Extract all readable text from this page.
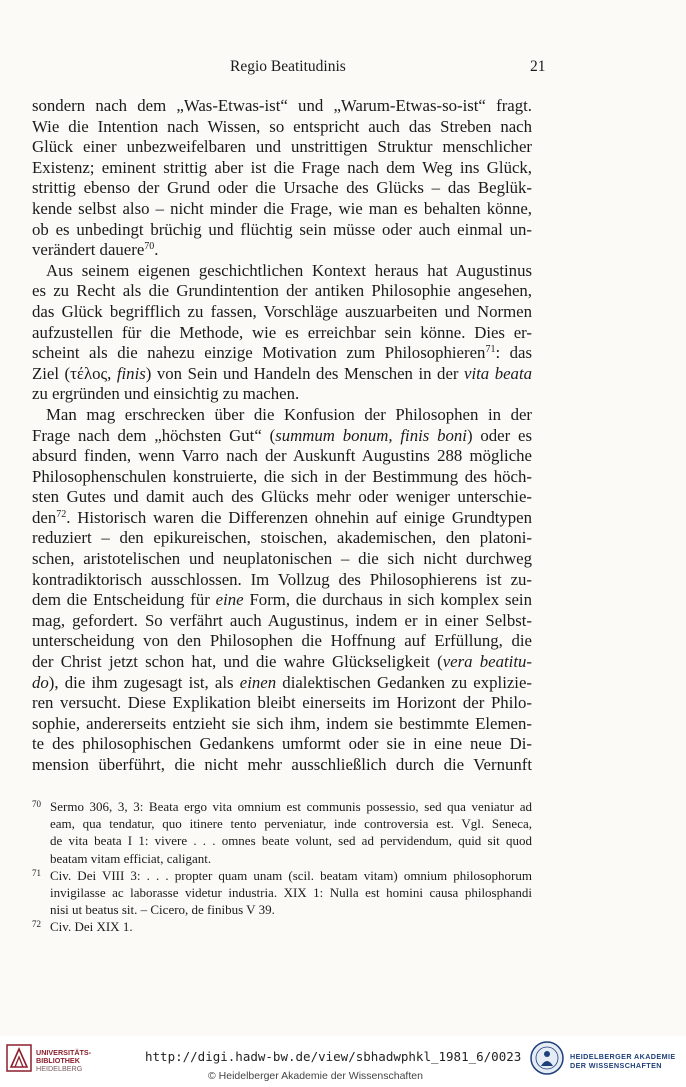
Regio Beatitudinis	21
sondern nach dem „Was-Etwas-ist“ und „Warum-Etwas-so-ist“ fragt.
Wie die Intention nach Wissen, so entspricht auch das Streben nach
Glück einer unbezweifelbaren und unstrittigen Struktur menschlicher
Existenz; eminent strittig aber ist die Frage nach dem Weg ins Glück,
strittig ebenso der Grund oder die Ursache des Glücks – das Beglük-
kende selbst also – nicht minder die Frage, wie man es behalten könne,
ob es unbedingt brüchig und flüchtig sein müsse oder auch einmal un-
verändert dauere$^{70}$.
Aus seinem eigenen geschichtlichen Kontext heraus hat Augustinus
es zu Recht als die Grundintention der antiken Philosophie angesehen,
das Glück begrifflich zu fassen, Vorschläge auszuarbeiten und Normen
aufzustellen für die Methode, wie es erreichbar sein könne. Dies er-
scheint als die nahezu einzige Motivation zum Philosophieren$^{71}$: das
Ziel (τέλος, finis) von Sein und Handeln des Menschen in der vita beata
zu ergründen und einsichtig zu machen.
Man mag erschrecken über die Konfusion der Philosophen in der
Frage nach dem „höchsten Gut“ (summum bonum, finis boni) oder es
absurd finden, wenn Varro nach der Auskunft Augustins 288 mögliche
Philosophenschulen konstruierte, die sich in der Bestimmung des höch-
sten Gutes und damit auch des Glücks mehr oder weniger unterschie-
den$^{72}$. Historisch waren die Differenzen ohnehin auf einige Grundtypen
reduziert – den epikureischen, stoischen, akademischen, den platoni-
schen, aristotelischen und neuplatonischen – die sich nicht durchweg
kontradiktorisch ausschlossen. Im Vollzug des Philosophierens ist zu-
dem die Entscheidung für eine Form, die durchaus in sich komplex sein
mag, gefordert. So verfährt auch Augustinus, indem er in einer Selbst-
unterscheidung von den Philosophen die Hoffnung auf Erfüllung, die
der Christ jetzt schon hat, und die wahre Glückseligkeit (vera beatitu-
do), die ihm zugesagt ist, als einen dialektischen Gedanken zu explizie-
ren versucht. Diese Explikation bleibt einerseits im Horizont der Philo-
sophie, andererseits entzieht sie sich ihm, indem sie bestimmte Elemen-
te des philosophischen Gedankens umformt oder sie in eine neue Di-
mension überführt, die nicht mehr ausschließlich durch die Vernunft
70 Sermo 306, 3, 3: Beata ergo vita omnium est communis possessio, sed qua veniatur ad
eam, qua tendatur, quo itinere tento perveniatur, inde controversia est. Vgl. Seneca,
de vita beata I 1: vivere . . . omnes beate volunt, sed ad pervidendum, quid sit quod
beatam vitam efficiat, caligant.
71 Civ. Dei VIII 3: . . . propter quam unam (scil. beatam vitam) omnium philosophorum
invigilasse ac laborasse videtur industria. XIX 1: Nulla est homini causa philosphandi
nisi ut beatus sit. – Cicero, de finibus V 39.
72 Civ. Dei XIX 1.
UNIVERSITÄTS-
BIBLIOTHEK
HEIDELBERG
http://digi.hadw-bw.de/view/sbhadwphkl_1981_6/0023
© Heidelberger Akademie der Wissenschaften
HEIDELBERGER AKADEMIE
DER WISSENSCHAFTEN
